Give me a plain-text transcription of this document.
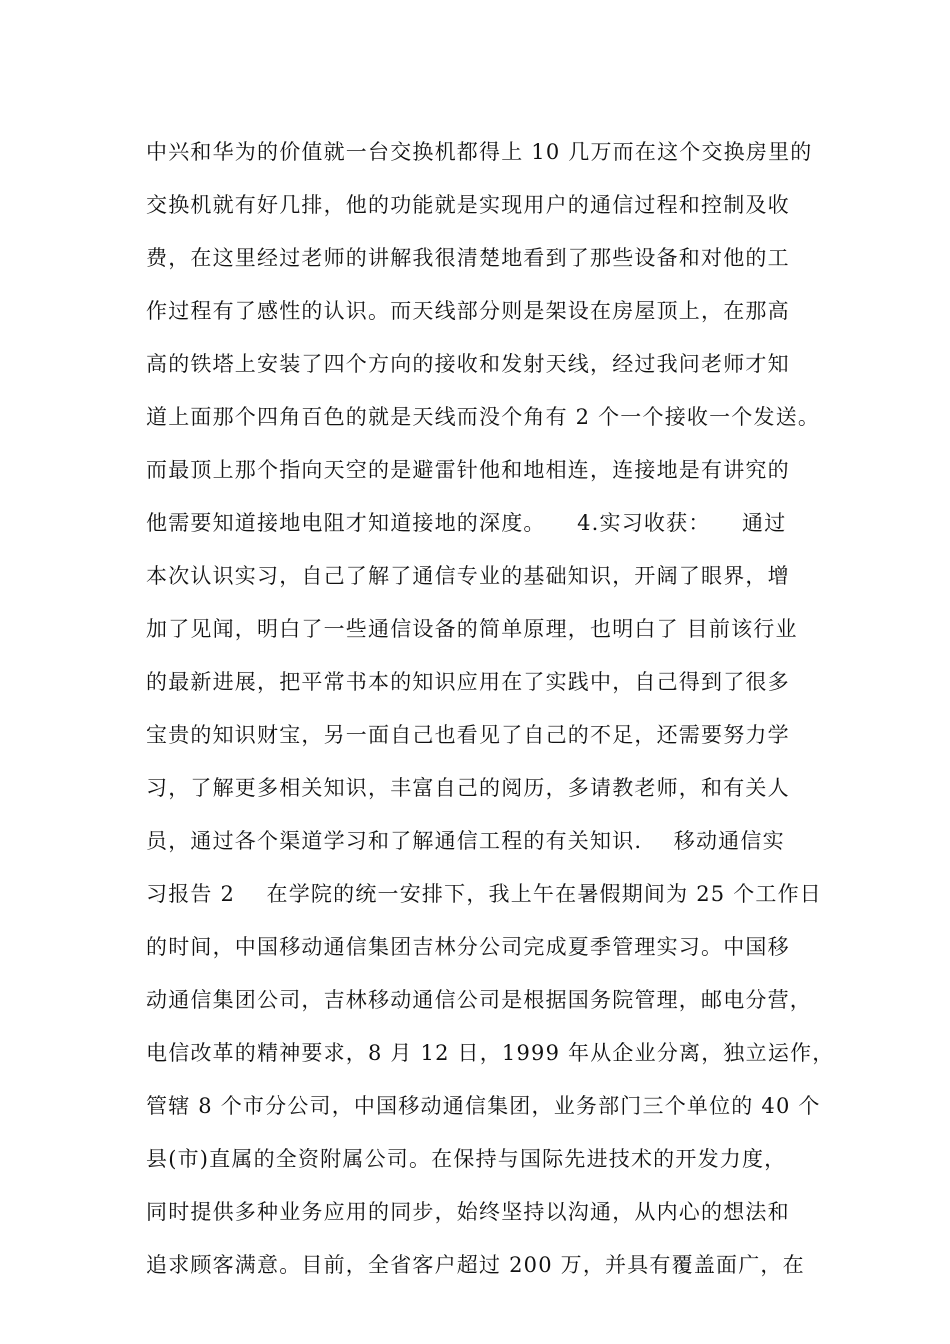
中兴和华为的价值就一台交换机都得上 10 几万而在这个交换房里的
交换机就有好几排，他的功能就是实现用户的通信过程和控制及收
费，在这里经过老师的讲解我很清楚地看到了那些设备和对他的工
作过程有了感性的认识。而天线部分则是架设在房屋顶上，在那高
高的铁塔上安装了四个方向的接收和发射天线，经过我问老师才知
道上面那个四角百色的就是天线而没个角有 2 个一个接收一个发送。
而最顶上那个指向天空的是避雷针他和地相连，连接地是有讲究的
他需要知道接地电阻才知道接地的深度。    4.实习收获：    通过
本次认识实习，自己了解了通信专业的基础知识，开阔了眼界，增
加了见闻，明白了一些通信设备的简单原理，也明白了 目前该行业
的最新进展，把平常书本的知识应用在了实践中，自己得到了很多
宝贵的知识财宝，另一面自己也看见了自己的不足，还需要努力学
习，了解更多相关知识，丰富自己的阅历，多请教老师，和有关人
员，通过各个渠道学习和了解通信工程的有关知识.    移动通信实
习报告 2    在学院的统一安排下，我上午在暑假期间为 25 个工作日
的时间，中国移动通信集团吉林分公司完成夏季管理实习。中国移
动通信集团公司，吉林移动通信公司是根据国务院管理，邮电分营，
电信改革的精神要求，8 月 12 日，1999 年从企业分离，独立运作，
管辖 8 个市分公司，中国移动通信集团，业务部门三个单位的 40 个
县(市)直属的全资附属公司。在保持与国际先进技术的开发力度，
同时提供多种业务应用的同步，始终坚持以沟通，从内心的想法和
追求顾客满意。目前，全省客户超过 200 万，并具有覆盖面广，在
